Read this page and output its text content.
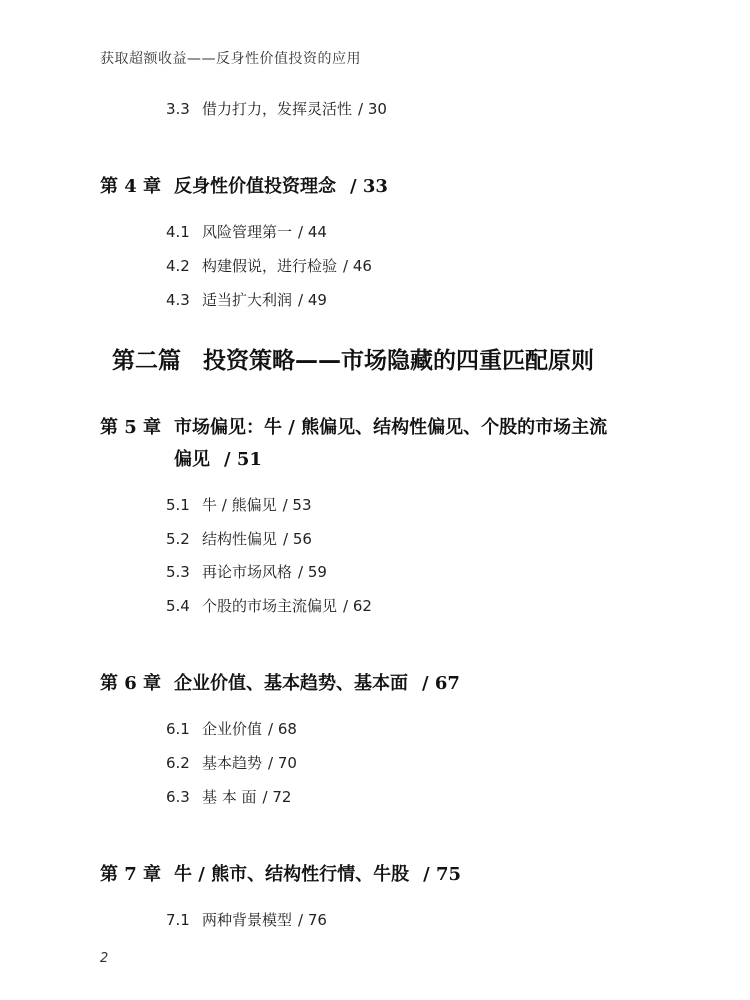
获取超额收益——反身性价值投资的应用
3.3 借力打力，发挥灵活性 / 30
第 4 章 反身性价值投资理念 / 33
4.1 风险管理第一 / 44
4.2 构建假说，进行检验 / 46
4.3 适当扩大利润 / 49
第二篇 投资策略——市场隐藏的四重匹配原则
第 5 章 市场偏见：牛 / 熊偏见、结构性偏见、个股的市场主流
偏见 / 51
5.1 牛 / 熊偏见 / 53
5.2 结构性偏见 / 56
5.3 再论市场风格 / 59
5.4 个股的市场主流偏见 / 62
第 6 章 企业价值、基本趋势、基本面 / 67
6.1 企业价值 / 68
6.2 基本趋势 / 70
6.3 基 本 面 / 72
第 7 章 牛 / 熊市、结构性行情、牛股 / 75
7.1 两种背景模型 / 76
2
